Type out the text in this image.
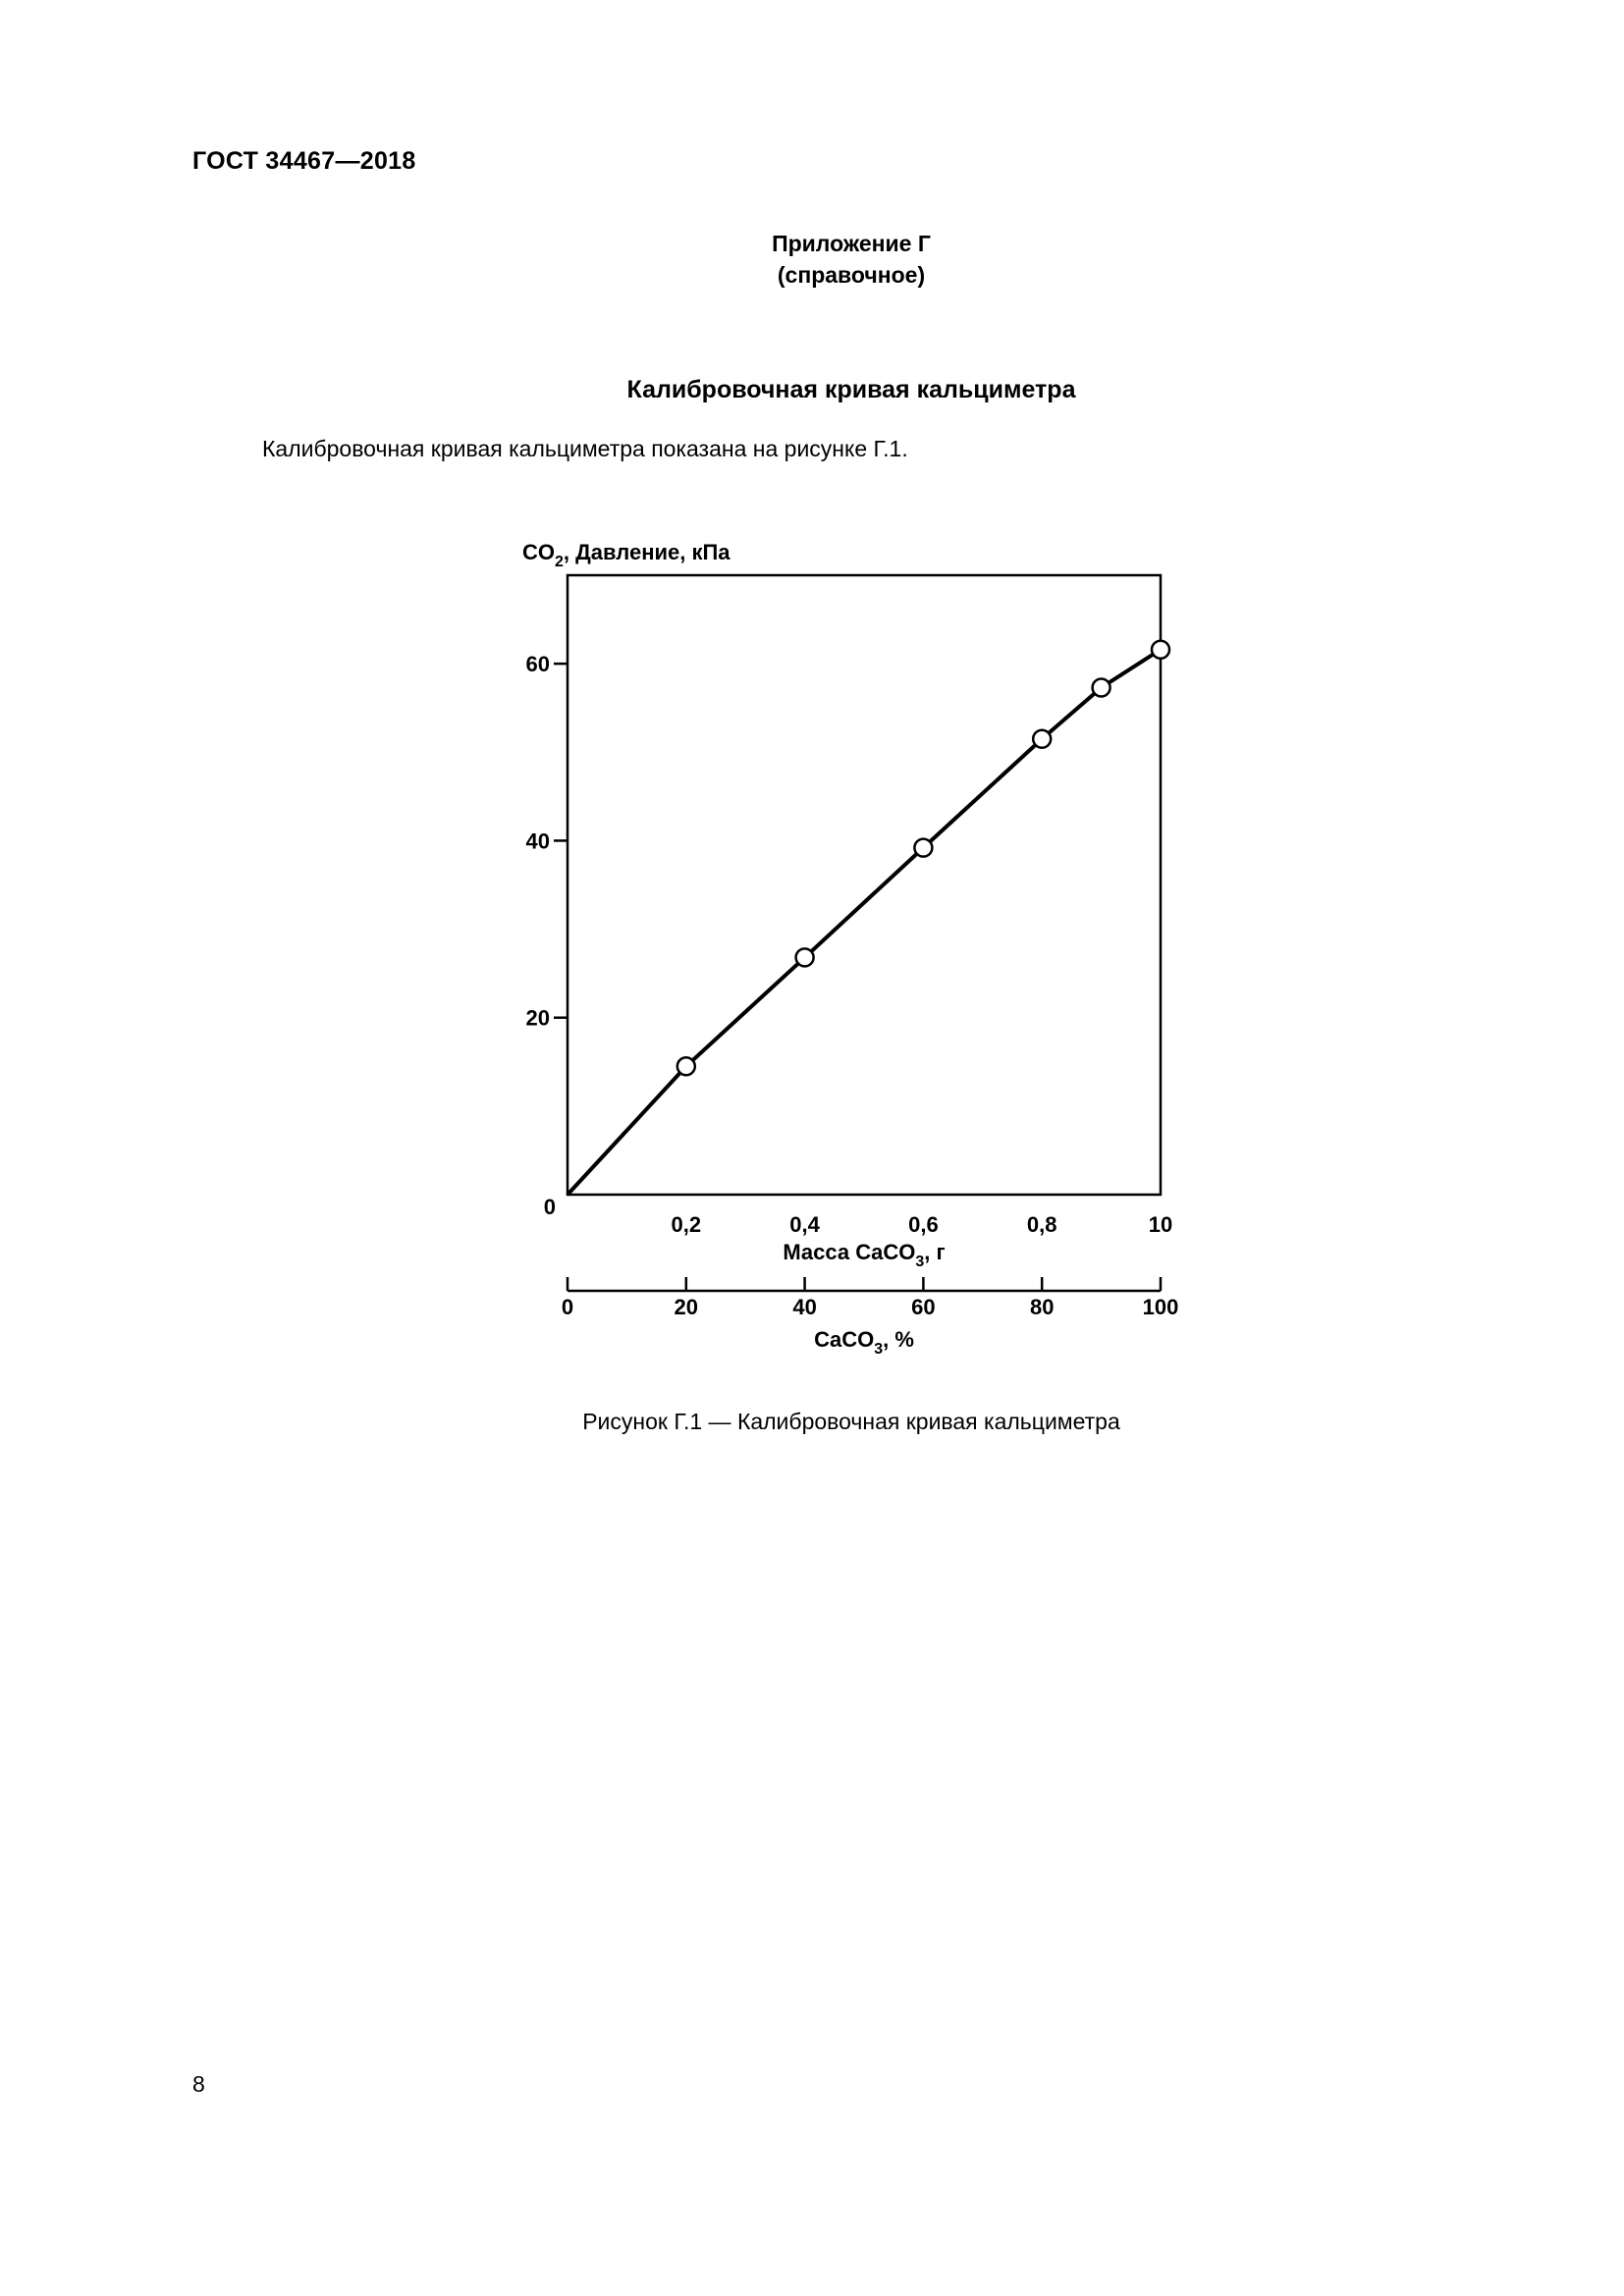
ГОСТ 34467—2018
Приложение Г
(справочное)
Калибровочная кривая кальциметра
Калибровочная кривая кальциметра показана на рисунке Г.1.
20
40
60
0
0,2	0,4	0,6	0,8	10
0	20	40	60	80	100
$CO_2$, Давление, кПа
Масса CaCO$_3$, г
CaCO$_3$, %
Рисунок Г.1 — Калибровочная кривая кальциметра
8
